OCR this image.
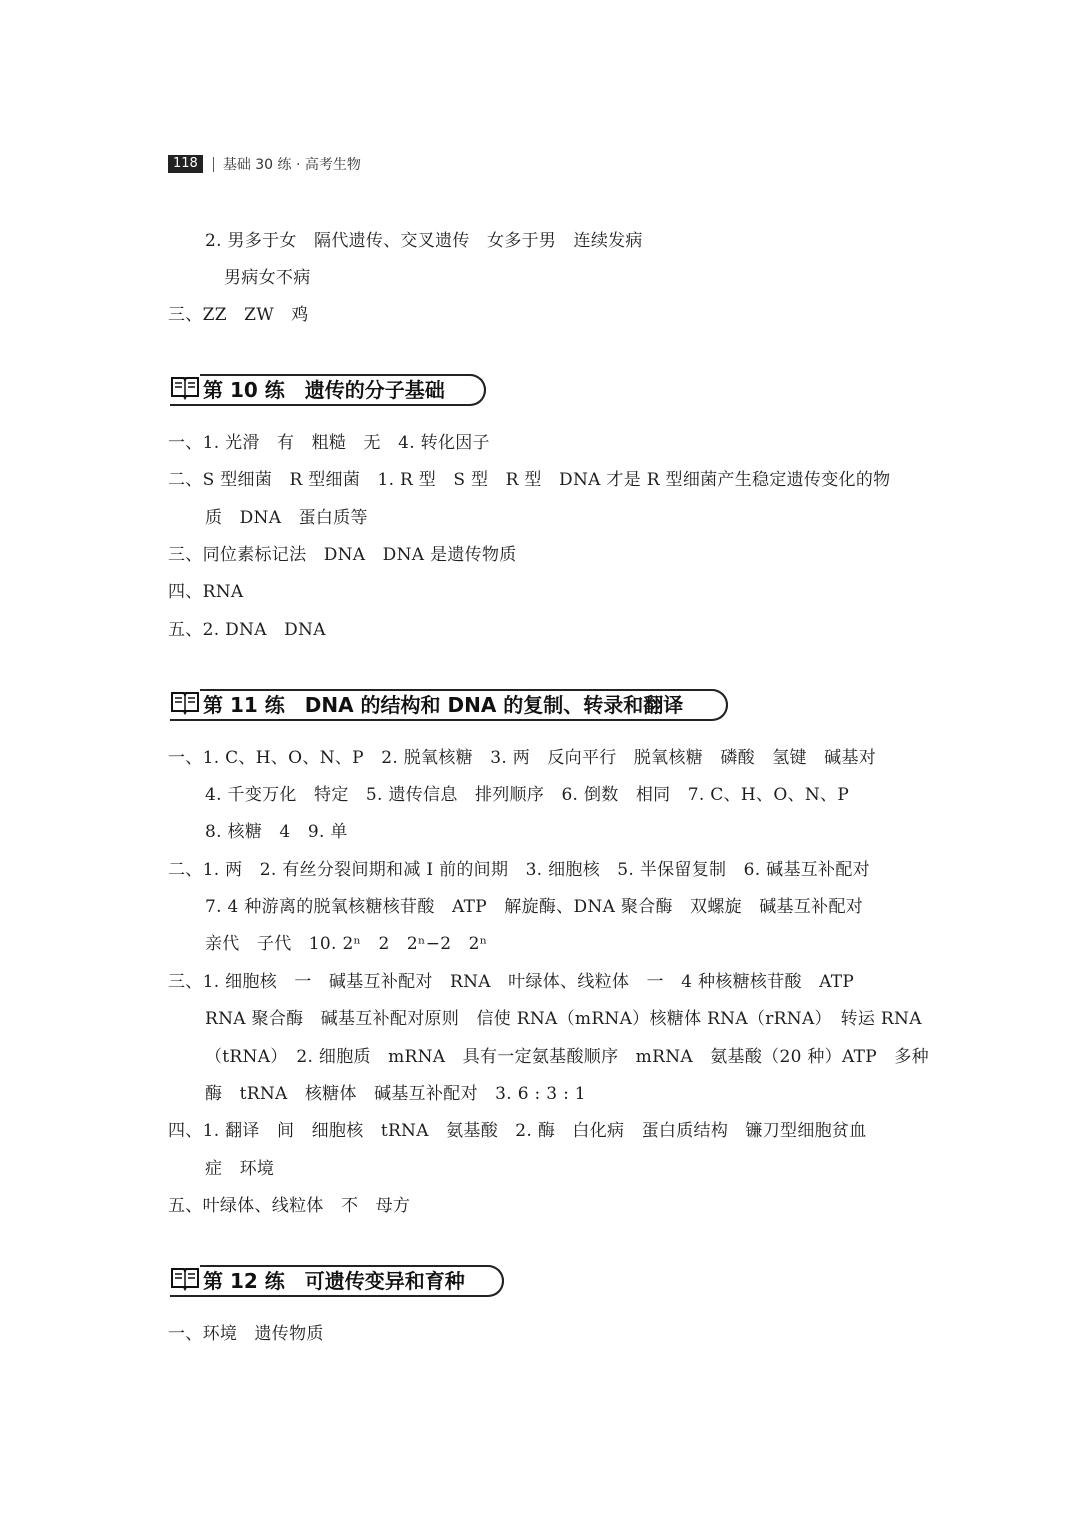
118	基础 30 练 · 高考生物
2. 男多于女　隔代遗传、交叉遗传　女多于男　连续发病
男病女不病
三、ZZ　ZW　鸡
第 10 练　遗传的分子基础
一、1. 光滑　有　粗糙　无　4. 转化因子
二、S 型细菌　R 型细菌　1. R 型　S 型　R 型　DNA 才是 R 型细菌产生稳定遗传变化的物
质　DNA　蛋白质等
三、同位素标记法　DNA　DNA 是遗传物质
四、RNA
五、2. DNA　DNA
第 11 练　DNA 的结构和 DNA 的复制、转录和翻译
一、1. C、H、O、N、P　2. 脱氧核糖　3. 两　反向平行　脱氧核糖　磷酸　氢键　碱基对
4. 千变万化　特定　5. 遗传信息　排列顺序　6. 倒数　相同　7. C、H、O、N、P
8. 核糖　4　9. 单
二、1. 两　2. 有丝分裂间期和减 I 前的间期　3. 细胞核　5. 半保留复制　6. 碱基互补配对
7. 4 种游离的脱氧核糖核苷酸　ATP　解旋酶、DNA 聚合酶　双螺旋　碱基互补配对
亲代　子代　10. 2ⁿ　2　2ⁿ−2　2ⁿ
三、1. 细胞核　一　碱基互补配对　RNA　叶绿体、线粒体　一　4 种核糖核苷酸　ATP
RNA 聚合酶　碱基互补配对原则　信使 RNA（mRNA）核糖体 RNA（rRNA）　转运 RNA
（tRNA）　2. 细胞质　mRNA　具有一定氨基酸顺序　mRNA　氨基酸（20 种）ATP　多种
酶　tRNA　核糖体　碱基互补配对　3. 6 : 3 : 1
四、1. 翻译　间　细胞核　tRNA　氨基酸　2. 酶　白化病　蛋白质结构　镰刀型细胞贫血
症　环境
五、叶绿体、线粒体　不　母方
第 12 练　可遗传变异和育种
一、环境　遗传物质
